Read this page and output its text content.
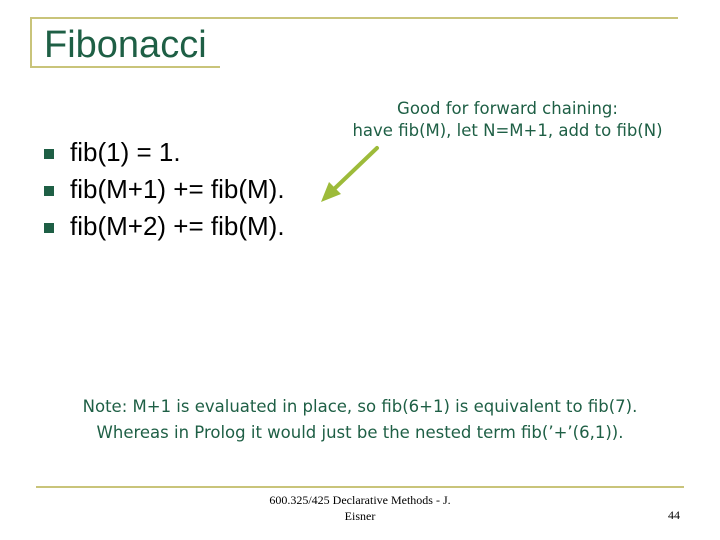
Fibonacci
fib(1) = 1.
fib(M+1) += fib(M).
fib(M+2) += fib(M).
Good for forward chaining:
have fib(M), let N=M+1, add to fib(N)
Note: M+1 is evaluated in place, so fib(6+1) is equivalent to fib(7).
Whereas in Prolog it would just be the nested term fib(’+’(6,1)).
600.325/425 Declarative Methods - J.
Eisner	44
